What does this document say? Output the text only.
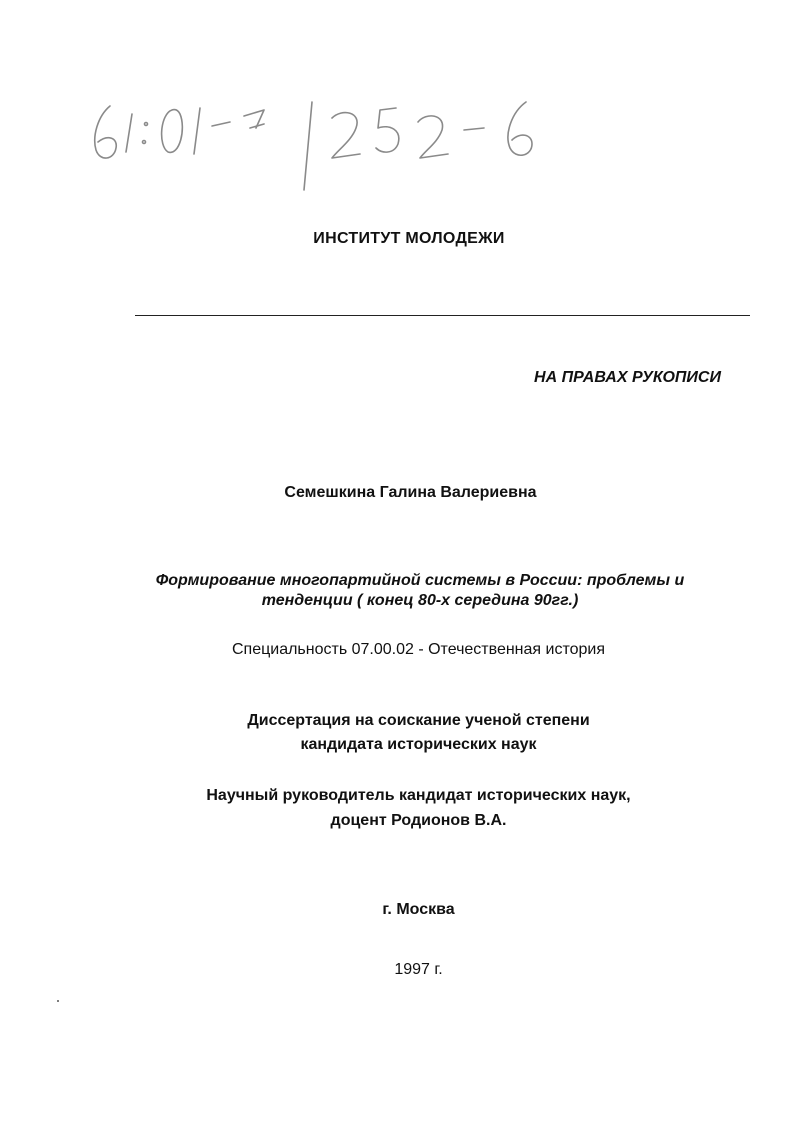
ИНСТИТУТ МОЛОДЕЖИ
НА ПРАВАХ РУКОПИСИ
Семешкина Галина Валериевна
Формирование многопартийной системы в России: проблемы и
тенденции ( конец 80-х середина 90гг.)
Специальность 07.00.02 - Отечественная история
Диссертация на соискание ученой степени
кандидата исторических наук
Научный руководитель кандидат исторических наук,
доцент Родионов В.А.
г. Москва
1997 г.
